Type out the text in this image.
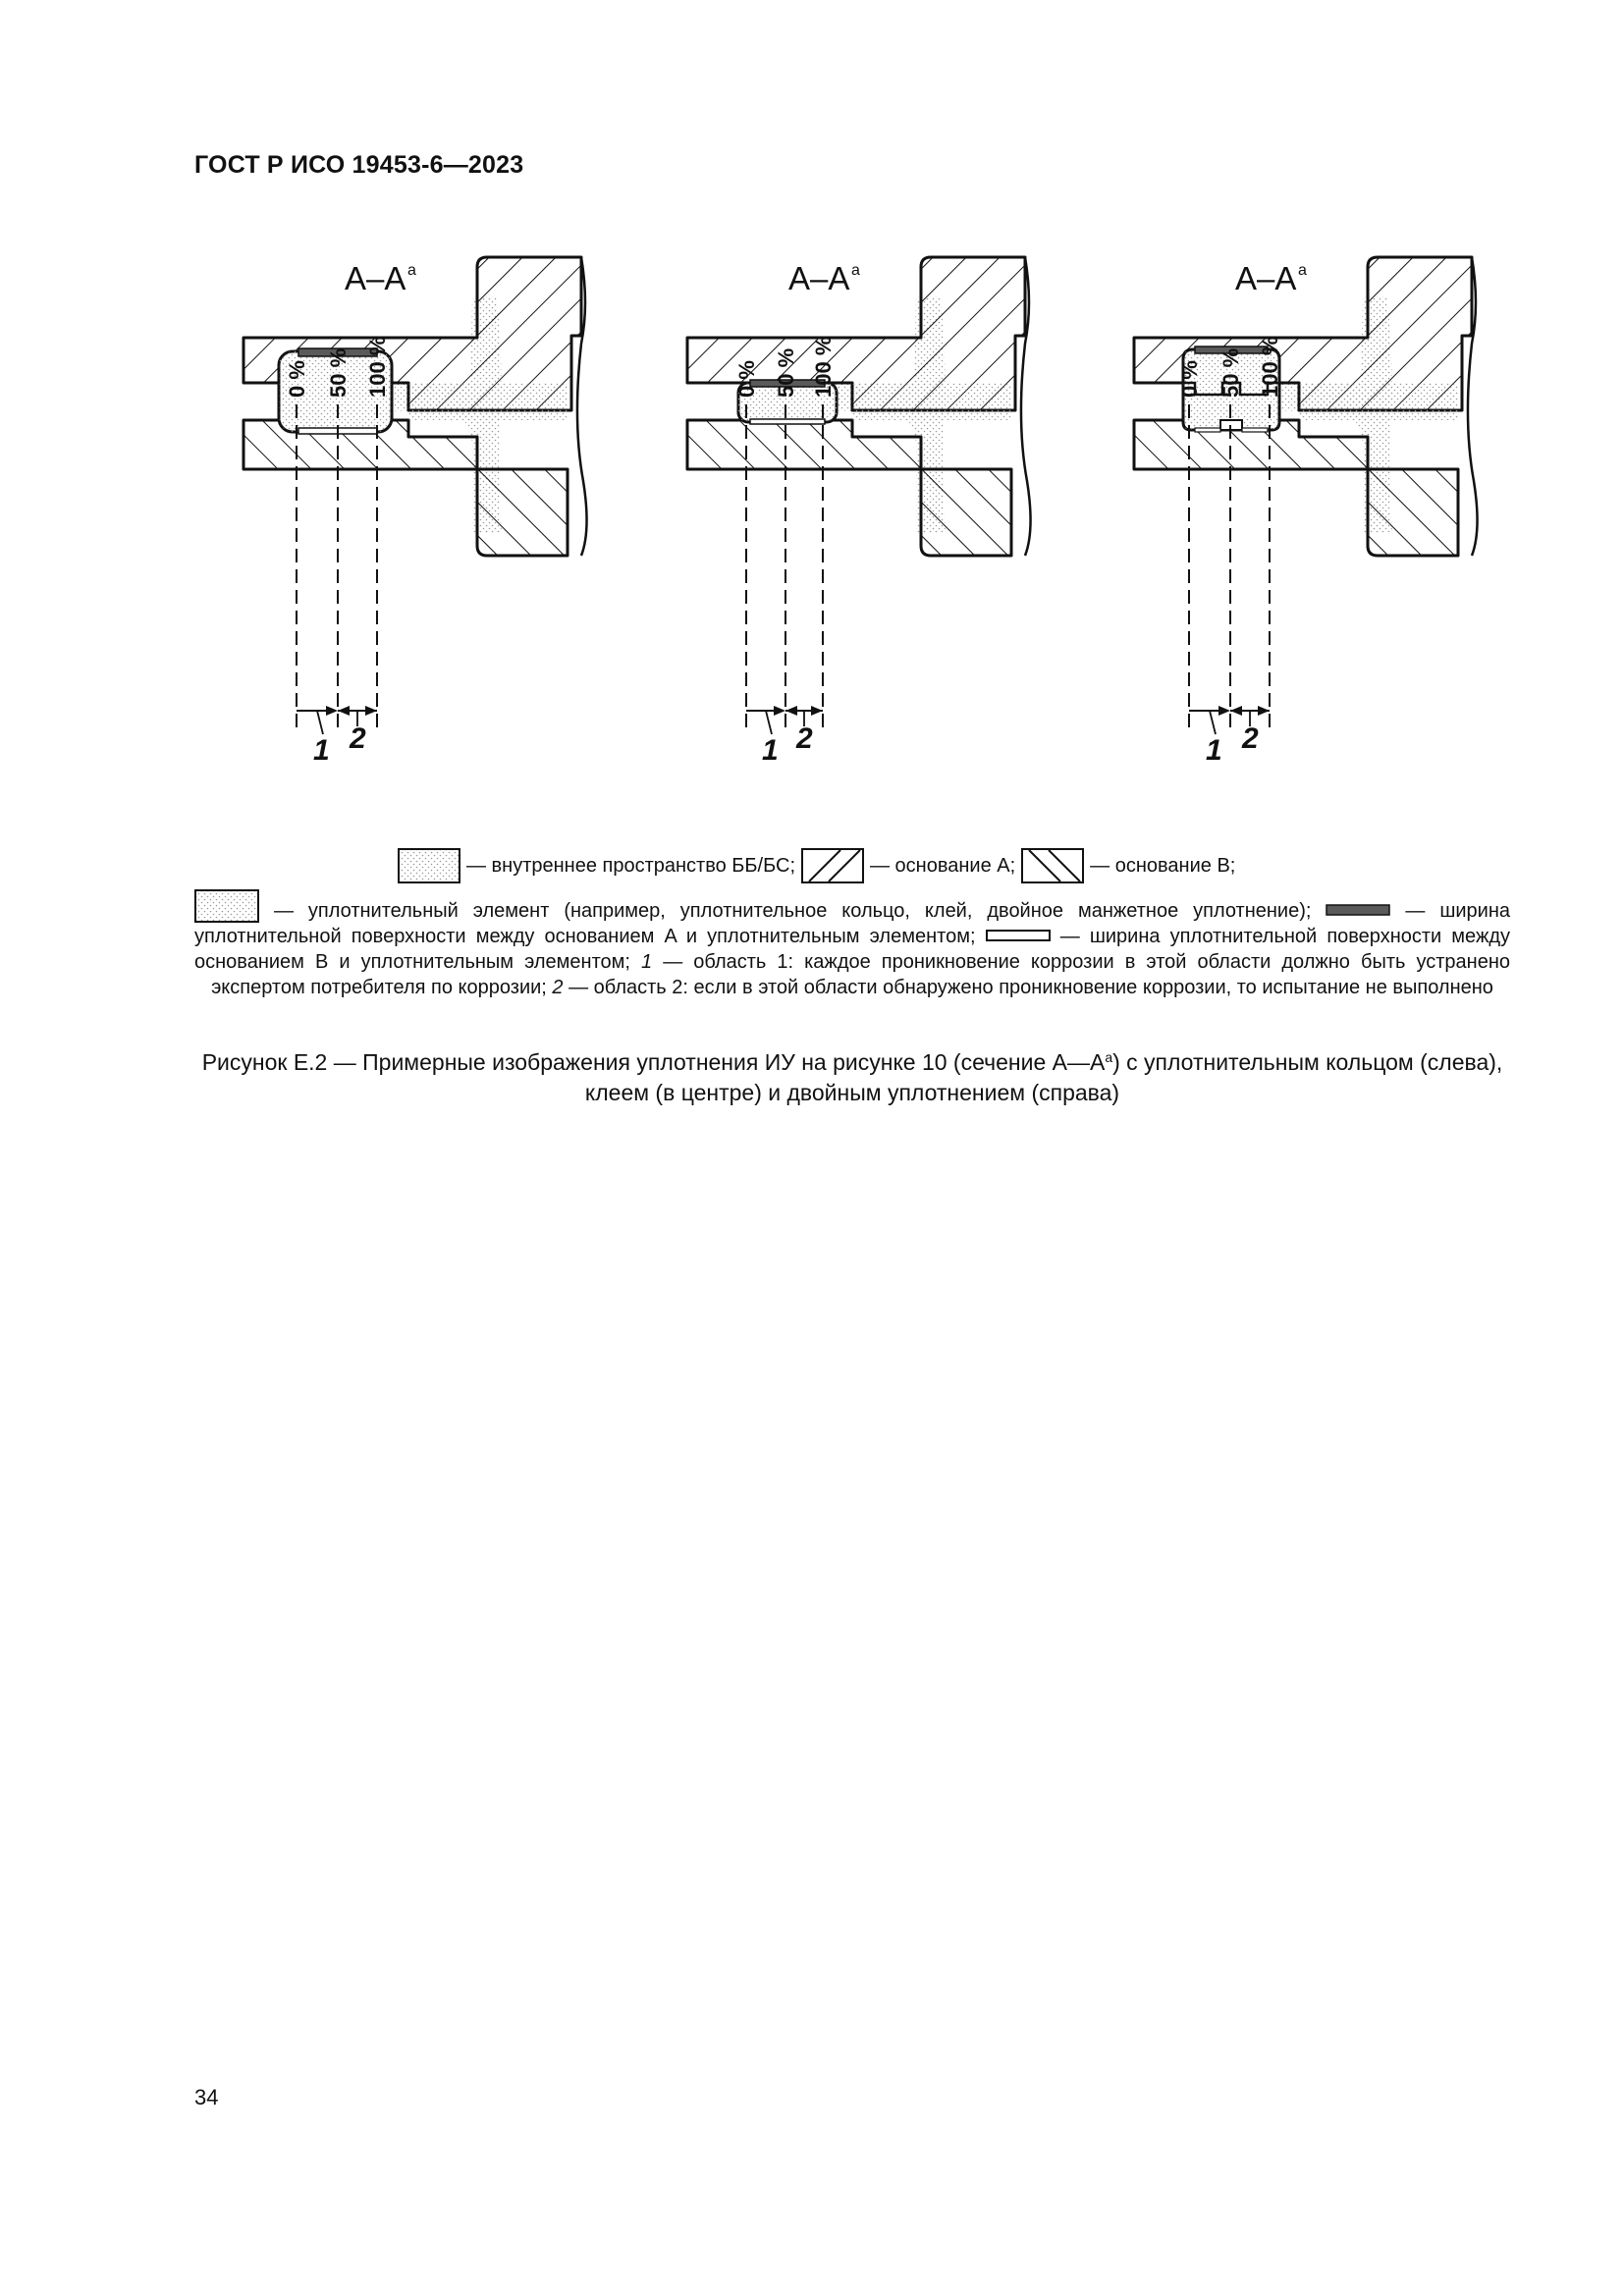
ГОСТ Р ИСО 19453-6—2023
А–А a
0 % 50 % 100 %
1 2
А–А a
0 % 50 % 100 %
1 2
А–А a
0 % 50 % 100 %
1 2
— внутреннее пространство ББ/БС;	— основание A;	— основание B;
— уплотнительный элемент (например, уплотнительное кольцо, клей, двойное манжетное уплотнение);	— ширина уплотнительной поверхности между основанием A и уплотнительным элементом;	— ширина уплотнительной поверхности между основанием B и уплотнительным элементом; 1 — область 1: каждое проникновение коррозии в этой области должно быть устранено экспертом потребителя по коррозии; 2 — область 2: если в этой области обнаружено проникновение коррозии, то испытание не выполнено
Рисунок Е.2 — Примерные изображения уплотнения ИУ на рисунке 10 (сечение $А—А^a$) с уплотнительным кольцом (слева), клеем (в центре) и двойным уплотнением (справа)
34
